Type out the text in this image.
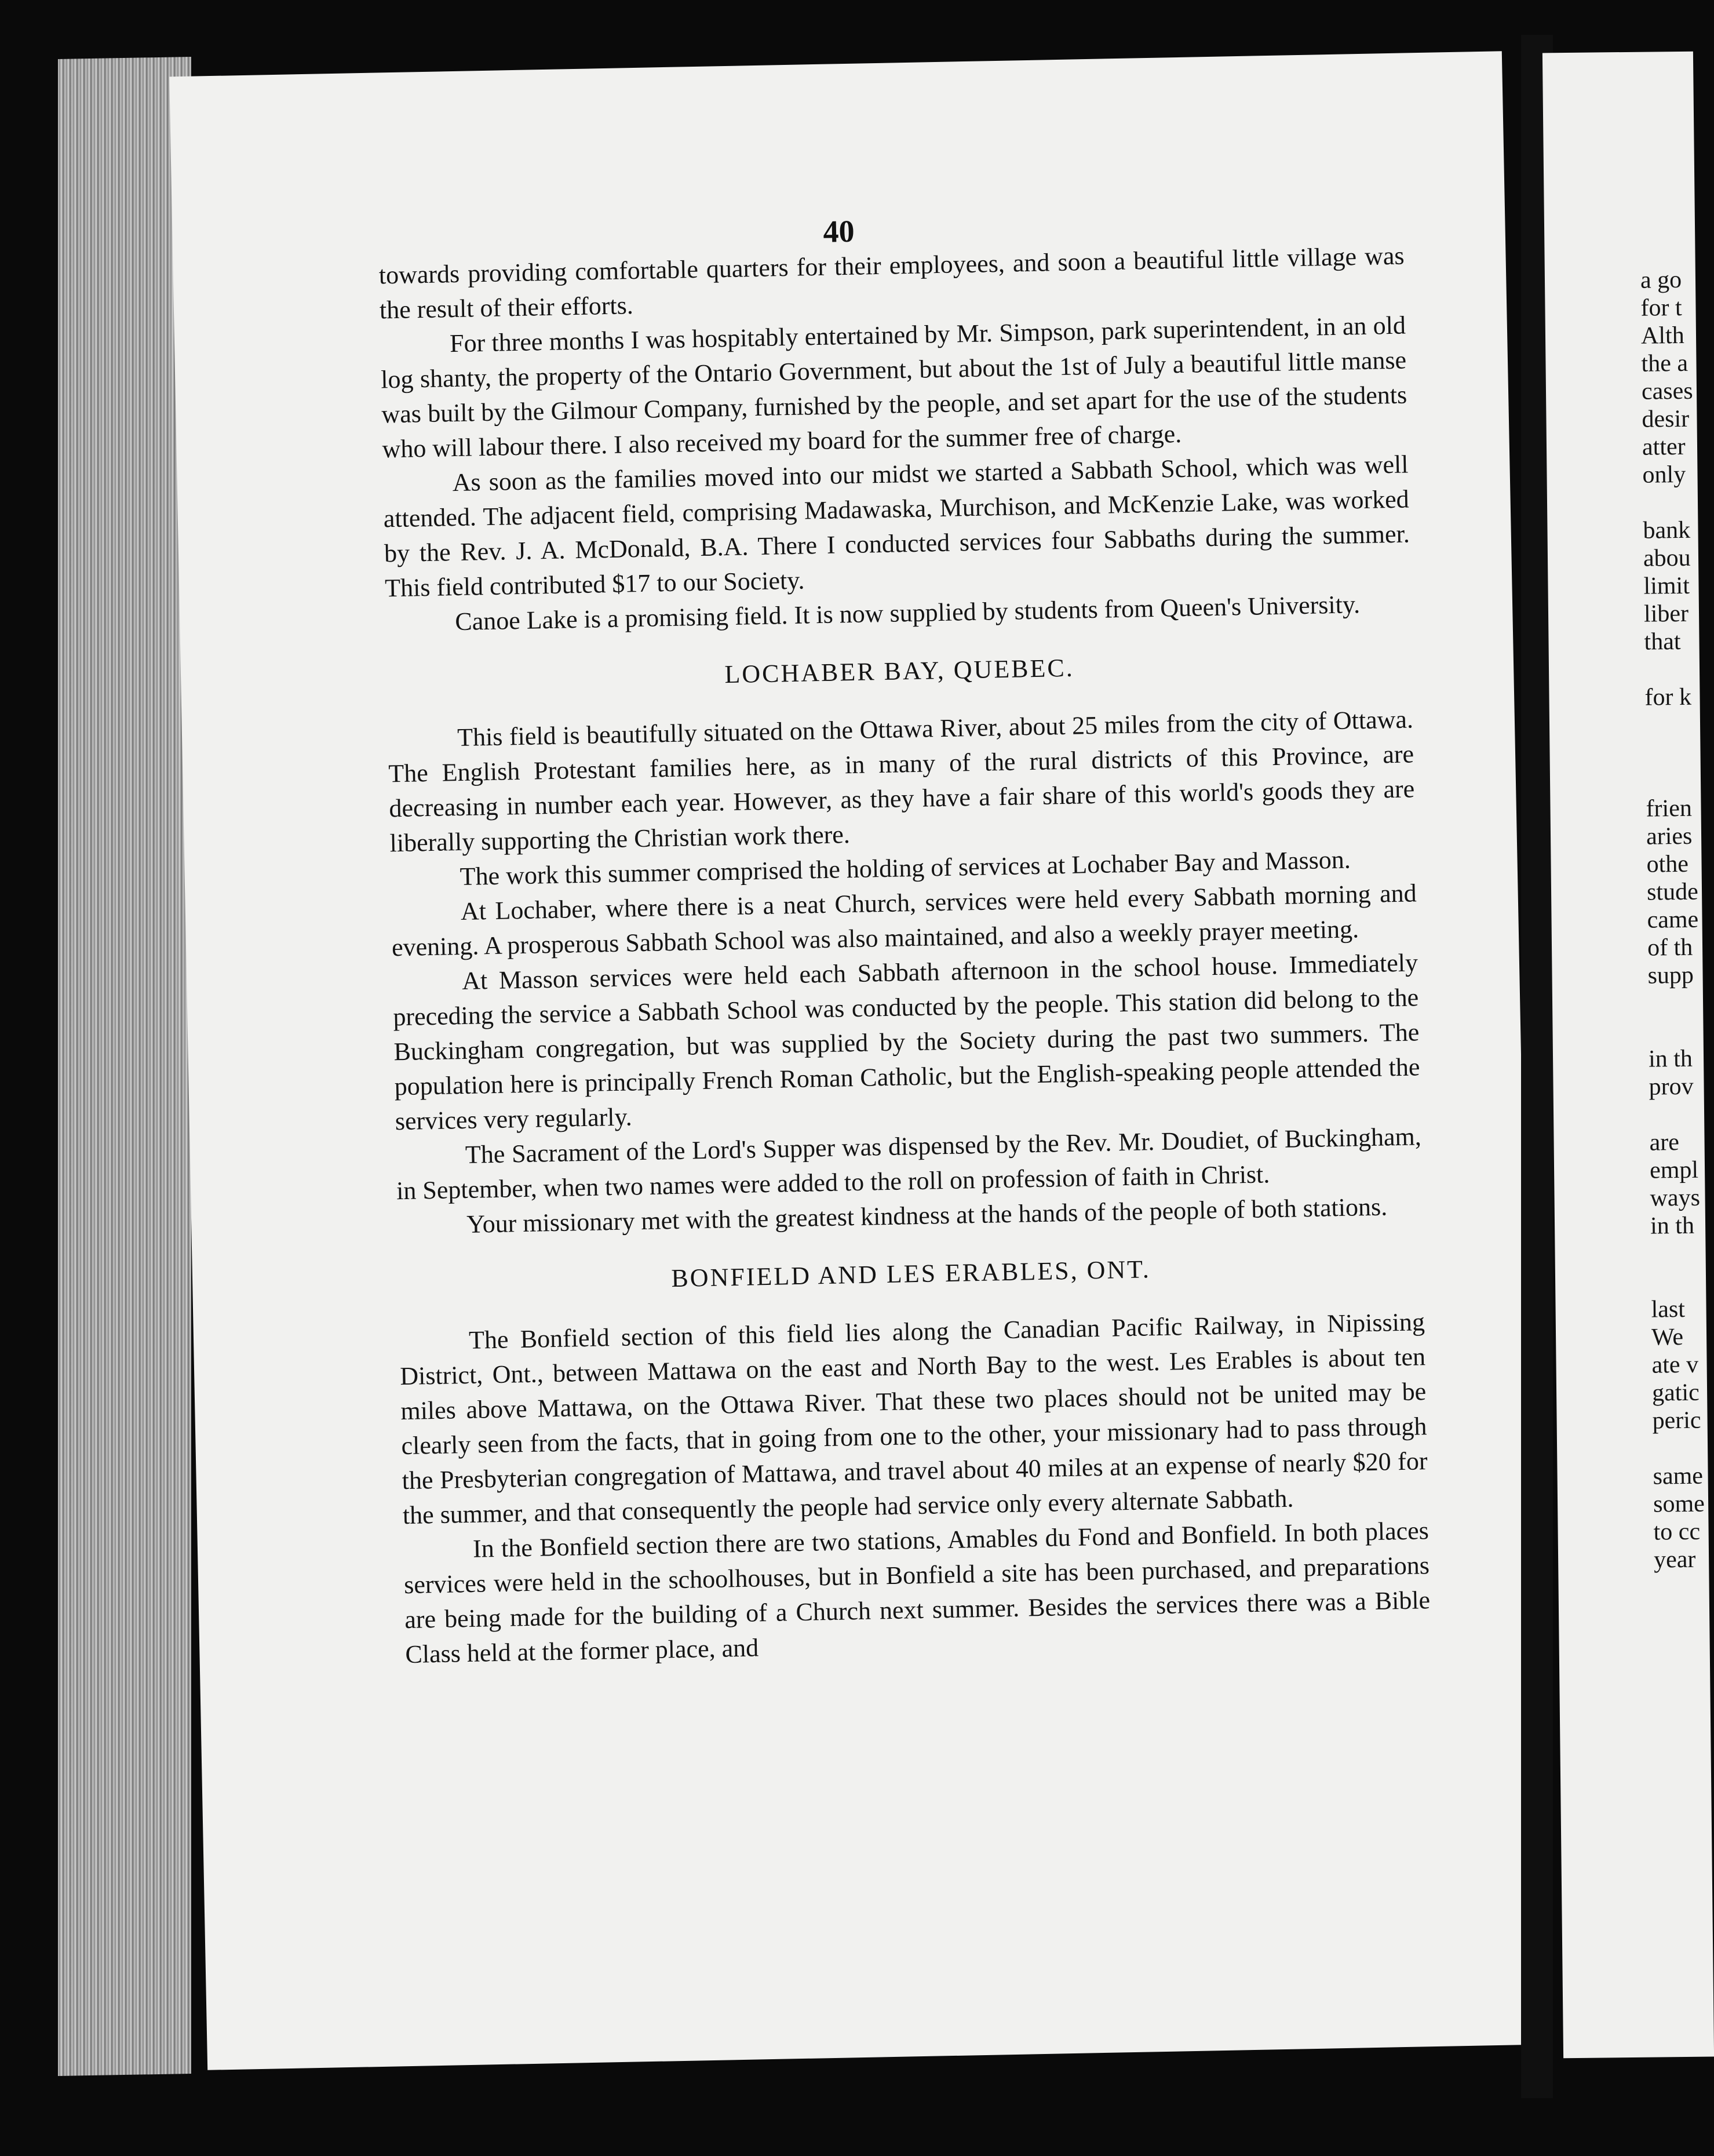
40

towards providing comfortable quarters for their employees, and soon a beautiful little village was the result of their efforts.

For three months I was hospitably entertained by Mr. Simpson, park superintendent, in an old log shanty, the property of the Ontario Government, but about the 1st of July a beautiful little manse was built by the Gilmour Company, furnished by the people, and set apart for the use of the students who will labour there. I also received my board for the summer free of charge.

As soon as the families moved into our midst we started a Sabbath School, which was well attended. The adjacent field, comprising Madawaska, Murchison, and McKenzie Lake, was worked by the Rev. J. A. McDonald, B.A. There I conducted services four Sabbaths during the summer. This field contributed $17 to our Society.

Canoe Lake is a promising field. It is now supplied by students from Queen's University.

LOCHABER BAY, QUEBEC.

This field is beautifully situated on the Ottawa River, about 25 miles from the city of Ottawa. The English Protestant families here, as in many of the rural districts of this Province, are decreasing in number each year. However, as they have a fair share of this world's goods they are liberally supporting the Christian work there.

The work this summer comprised the holding of services at Lochaber Bay and Masson.

At Lochaber, where there is a neat Church, services were held every Sabbath morning and evening. A prosperous Sabbath School was also maintained, and also a weekly prayer meeting.

At Masson services were held each Sabbath afternoon in the school house. Immediately preceding the service a Sabbath School was conducted by the people. This station did belong to the Buckingham congregation, but was supplied by the Society during the past two summers. The population here is principally French Roman Catholic, but the English-speaking people attended the services very regularly.

The Sacrament of the Lord's Supper was dispensed by the Rev. Mr. Doudiet, of Buckingham, in September, when two names were added to the roll on profession of faith in Christ.

Your missionary met with the greatest kindness at the hands of the people of both stations.

BONFIELD AND LES ERABLES, ONT.

The Bonfield section of this field lies along the Canadian Pacific Railway, in Nipissing District, Ont., between Mattawa on the east and North Bay to the west. Les Erables is about ten miles above Mattawa, on the Ottawa River. That these two places should not be united may be clearly seen from the facts, that in going from one to the other, your missionary had to pass through the Presbyterian congregation of Mattawa, and travel about 40 miles at an expense of nearly $20 for the summer, and that consequently the people had service only every alternate Sabbath.

In the Bonfield section there are two stations, Amables du Fond and Bonfield. In both places services were held in the schoolhouses, but in Bonfield a site has been purchased, and preparations are being made for the building of a Church next summer. Besides the services there was a Bible Class held at the former place, and

a go
for t
Alth
the a
cases
desir
atter
only
bank
abou
limit
liber
that
for k
frien
aries
othe
stude
came
of th
supp
in th
prov
are
empl
ways
in th
last
We
ate v
gatic
peric
same
some
to cc
year
